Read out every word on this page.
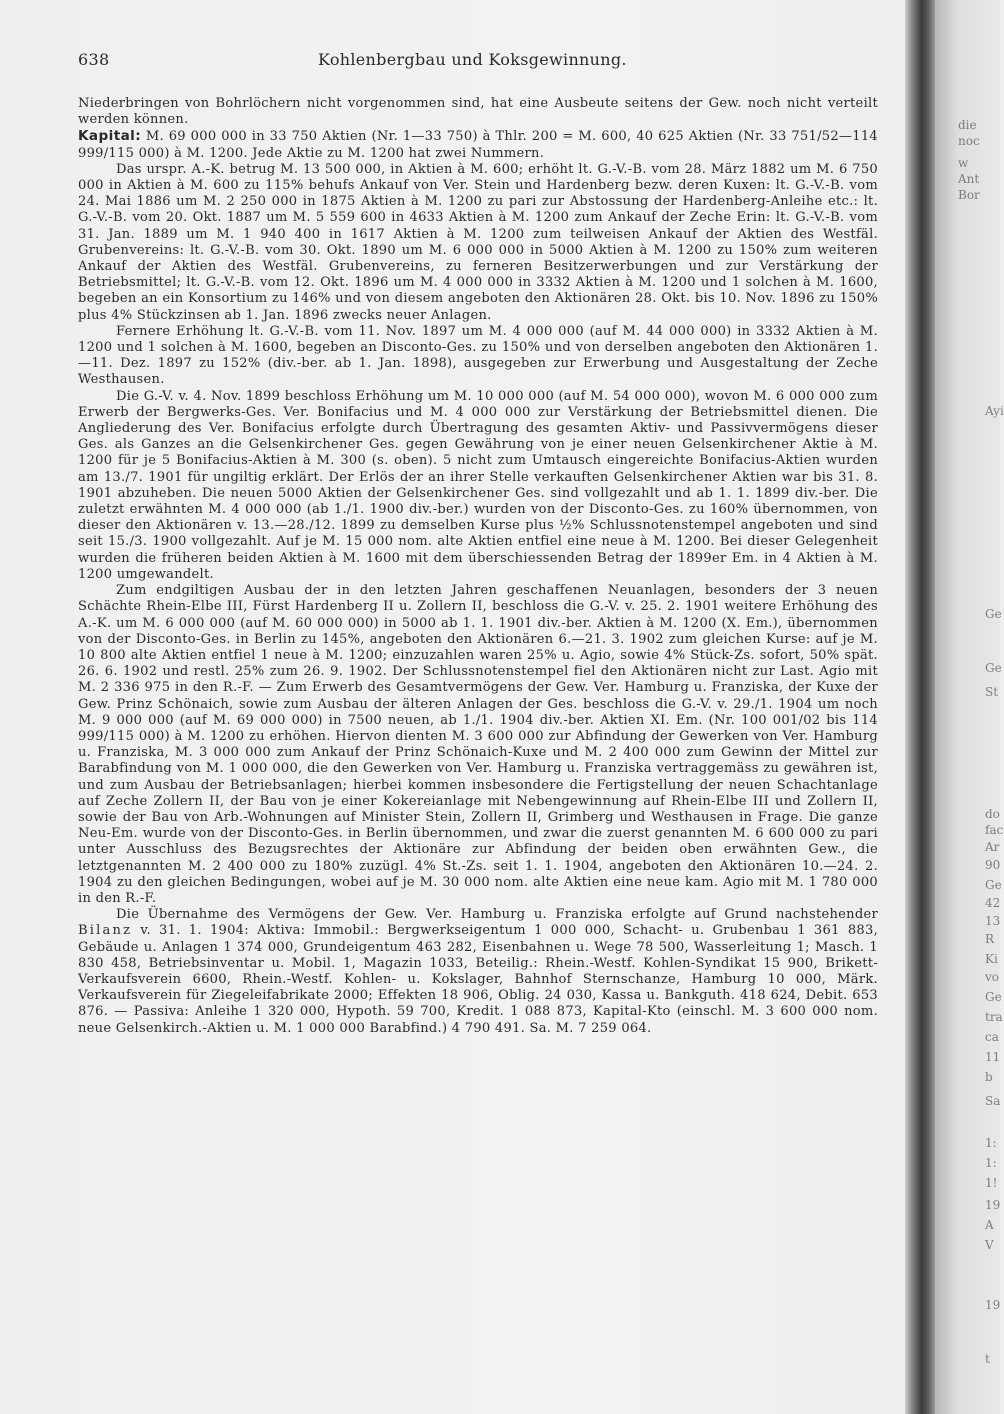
638	Kohlenbergbau und Koksgewinnung.

Niederbringen von Bohrlöchern nicht vorgenommen sind, hat eine Ausbeute seitens der Gew. noch nicht verteilt werden können.

Kapital: M. 69 000 000 in 33 750 Aktien (Nr. 1—33 750) à Thlr. 200 = M. 600, 40 625 Aktien (Nr. 33 751/52—114 999/115 000) à M. 1200. Jede Aktie zu M. 1200 hat zwei Nummern.

Das urspr. A.-K. betrug M. 13 500 000, in Aktien à M. 600; erhöht lt. G.-V.-B. vom 28. März 1882 um M. 6 750 000 in Aktien à M. 600 zu 115% behufs Ankauf von Ver. Stein und Hardenberg bezw. deren Kuxen: lt. G.-V.-B. vom 24. Mai 1886 um M. 2 250 000 in 1875 Aktien à M. 1200 zu pari zur Abstossung der Hardenberg-Anleihe etc.: lt. G.-V.-B. vom 20. Okt. 1887 um M. 5 559 600 in 4633 Aktien à M. 1200 zum Ankauf der Zeche Erin: lt. G.-V.-B. vom 31. Jan. 1889 um M. 1 940 400 in 1617 Aktien à M. 1200 zum teilweisen Ankauf der Aktien des Westfäl. Grubenvereins: lt. G.-V.-B. vom 30. Okt. 1890 um M. 6 000 000 in 5000 Aktien à M. 1200 zu 150% zum weiteren Ankauf der Aktien des Westfäl. Grubenvereins, zu ferneren Besitzerwerbungen und zur Verstärkung der Betriebsmittel; lt. G.-V.-B. vom 12. Okt. 1896 um M. 4 000 000 in 3332 Aktien à M. 1200 und 1 solchen à M. 1600, begeben an ein Konsortium zu 146% und von diesem angeboten den Aktionären 28. Okt. bis 10. Nov. 1896 zu 150% plus 4% Stückzinsen ab 1. Jan. 1896 zwecks neuer Anlagen.

Fernere Erhöhung lt. G.-V.-B. vom 11. Nov. 1897 um M. 4 000 000 (auf M. 44 000 000) in 3332 Aktien à M. 1200 und 1 solchen à M. 1600, begeben an Disconto-Ges. zu 150% und von derselben angeboten den Aktionären 1.—11. Dez. 1897 zu 152% (div.-ber. ab 1. Jan. 1898), ausgegeben zur Erwerbung und Ausgestaltung der Zeche Westhausen.

Die G.-V. v. 4. Nov. 1899 beschloss Erhöhung um M. 10 000 000 (auf M. 54 000 000), wovon M. 6 000 000 zum Erwerb der Bergwerks-Ges. Ver. Bonifacius und M. 4 000 000 zur Verstärkung der Betriebsmittel dienen. Die Angliederung des Ver. Bonifacius erfolgte durch Übertragung des gesamten Aktiv- und Passivvermögens dieser Ges. als Ganzes an die Gelsenkirchener Ges. gegen Gewährung von je einer neuen Gelsenkirchener Aktie à M. 1200 für je 5 Bonifacius-Aktien à M. 300 (s. oben). 5 nicht zum Umtausch eingereichte Bonifacius-Aktien wurden am 13./7. 1901 für ungiltig erklärt. Der Erlös der an ihrer Stelle verkauften Gelsenkirchener Aktien war bis 31. 8. 1901 abzuheben. Die neuen 5000 Aktien der Gelsenkirchener Ges. sind vollgezahlt und ab 1. 1. 1899 div.-ber. Die zuletzt erwähnten M. 4 000 000 (ab 1./1. 1900 div.-ber.) wurden von der Disconto-Ges. zu 160% übernommen, von dieser den Aktionären v. 13.—28./12. 1899 zu demselben Kurse plus ½% Schlussnotenstempel angeboten und sind seit 15./3. 1900 vollgezahlt. Auf je M. 15 000 nom. alte Aktien entfiel eine neue à M. 1200. Bei dieser Gelegenheit wurden die früheren beiden Aktien à M. 1600 mit dem überschiessenden Betrag der 1899er Em. in 4 Aktien à M. 1200 umgewandelt.

Zum endgiltigen Ausbau der in den letzten Jahren geschaffenen Neuanlagen, besonders der 3 neuen Schächte Rhein-Elbe III, Fürst Hardenberg II u. Zollern II, beschloss die G.-V. v. 25. 2. 1901 weitere Erhöhung des A.-K. um M. 6 000 000 (auf M. 60 000 000) in 5000 ab 1. 1. 1901 div.-ber. Aktien à M. 1200 (X. Em.), übernommen von der Disconto-Ges. in Berlin zu 145%, angeboten den Aktionären 6.—21. 3. 1902 zum gleichen Kurse: auf je M. 10 800 alte Aktien entfiel 1 neue à M. 1200; einzuzahlen waren 25% u. Agio, sowie 4% Stück-Zs. sofort, 50% spät. 26. 6. 1902 und restl. 25% zum 26. 9. 1902. Der Schlussnotenstempel fiel den Aktionären nicht zur Last. Agio mit M. 2 336 975 in den R.-F. — Zum Erwerb des Gesamtvermögens der Gew. Ver. Hamburg u. Franziska, der Kuxe der Gew. Prinz Schönaich, sowie zum Ausbau der älteren Anlagen der Ges. beschloss die G.-V. v. 29./1. 1904 um noch M. 9 000 000 (auf M. 69 000 000) in 7500 neuen, ab 1./1. 1904 div.-ber. Aktien XI. Em. (Nr. 100 001/02 bis 114 999/115 000) à M. 1200 zu erhöhen. Hiervon dienten M. 3 600 000 zur Abfindung der Gewerken von Ver. Hamburg u. Franziska, M. 3 000 000 zum Ankauf der Prinz Schönaich-Kuxe und M. 2 400 000 zum Gewinn der Mittel zur Barabfindung von M. 1 000 000, die den Gewerken von Ver. Hamburg u. Franziska vertraggemäss zu gewähren ist, und zum Ausbau der Betriebsanlagen; hierbei kommen insbesondere die Fertigstellung der neuen Schachtanlage auf Zeche Zollern II, der Bau von je einer Kokereianlage mit Nebengewinnung auf Rhein-Elbe III und Zollern II, sowie der Bau von Arb.-Wohnungen auf Minister Stein, Zollern II, Grimberg und Westhausen in Frage. Die ganze Neu-Em. wurde von der Disconto-Ges. in Berlin übernommen, und zwar die zuerst genannten M. 6 600 000 zu pari unter Ausschluss des Bezugsrechtes der Aktionäre zur Abfindung der beiden oben erwähnten Gew., die letztgenannten M. 2 400 000 zu 180% zuzügl. 4% St.-Zs. seit 1. 1. 1904, angeboten den Aktionären 10.—24. 2. 1904 zu den gleichen Bedingungen, wobei auf je M. 30 000 nom. alte Aktien eine neue kam. Agio mit M. 1 780 000 in den R.-F.

Die Übernahme des Vermögens der Gew. Ver. Hamburg u. Franziska erfolgte auf Grund nachstehender Bilanz v. 31. 1. 1904: Aktiva: Immobil.: Bergwerkseigentum 1 000 000, Schacht- u. Grubenbau 1 361 883, Gebäude u. Anlagen 1 374 000, Grundeigentum 463 282, Eisenbahnen u. Wege 78 500, Wasserleitung 1; Masch. 1 830 458, Betriebsinventar u. Mobil. 1, Magazin 1033, Beteilig.: Rhein.-Westf. Kohlen-Syndikat 15 900, Brikett-Verkaufsverein 6600, Rhein.-Westf. Kohlen- u. Kokslager, Bahnhof Sternschanze, Hamburg 10 000, Märk. Verkaufsverein für Ziegeleifabrikate 2000; Effekten 18 906, Oblig. 24 030, Kassa u. Bankguth. 418 624, Debit. 653 876. — Passiva: Anleihe 1 320 000, Hypoth. 59 700, Kredit. 1 088 873, Kapital-Kto (einschl. M. 3 600 000 nom. neue Gelsenkirch.-Aktien u. M. 1 000 000 Barabfind.) 4 790 491. Sa. M. 7 259 064.

die
noc
w
Ant
Bor
Ayi
Ge
Ge
St
do
fac
Ar
90
Ge
42
13
R
Ki
vo
Ge
tra
ca
11
b
Sa
1:
1:
1!
19
A
V
19
t
